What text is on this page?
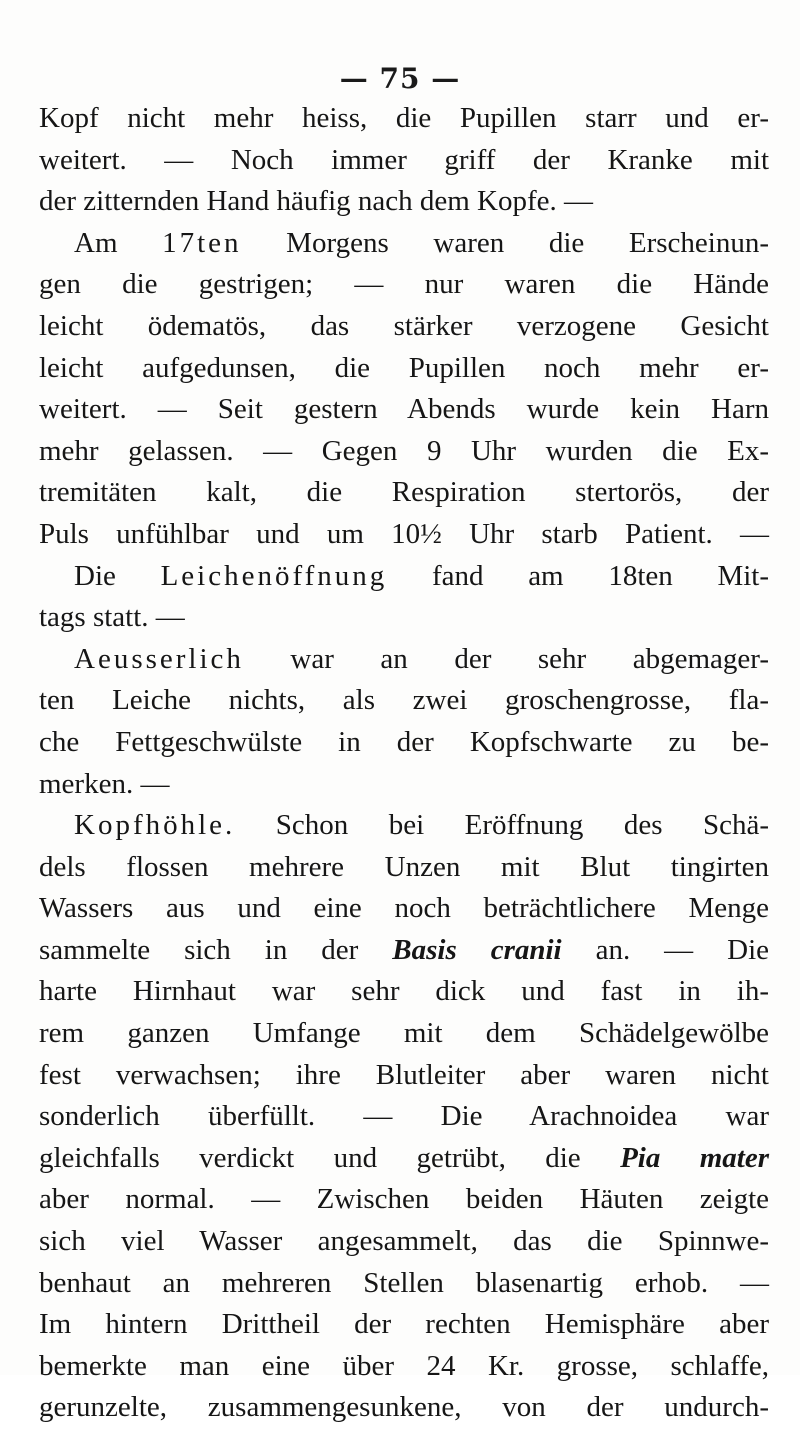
— 75 —
Kopf nicht mehr heiss, die Pupillen starr und er-
weitert. — Noch immer griff der Kranke mit
der zitternden Hand häufig nach dem Kopfe. —
Am 17ten Morgens waren die Erscheinun-
gen die gestrigen; — nur waren die Hände
leicht ödematös, das stärker verzogene Gesicht
leicht aufgedunsen, die Pupillen noch mehr er-
weitert. — Seit gestern Abends wurde kein Harn
mehr gelassen. — Gegen 9 Uhr wurden die Ex-
tremitäten kalt, die Respiration stertorös, der
Puls unfühlbar und um 10½ Uhr starb Patient. —
Die Leichenöffnung fand am 18ten Mit-
tags statt. —
Aeusserlich war an der sehr abgemager-
ten Leiche nichts, als zwei groschengrosse, fla-
che Fettgeschwülste in der Kopfschwarte zu be-
merken. —
Kopfhöhle. Schon bei Eröffnung des Schä-
dels flossen mehrere Unzen mit Blut tingirten
Wassers aus und eine noch beträchtlichere Menge
sammelte sich in der Basis cranii an. — Die
harte Hirnhaut war sehr dick und fast in ih-
rem ganzen Umfange mit dem Schädelgewölbe
fest verwachsen; ihre Blutleiter aber waren nicht
sonderlich überfüllt. — Die Arachnoidea war
gleichfalls verdickt und getrübt, die Pia mater
aber normal. — Zwischen beiden Häuten zeigte
sich viel Wasser angesammelt, das die Spinnwe-
benhaut an mehreren Stellen blasenartig erhob. —
Im hintern Drittheil der rechten Hemisphäre aber
bemerkte man eine über 24 Kr. grosse, schlaffe,
gerunzelte, zusammengesunkene, von der undurch-
